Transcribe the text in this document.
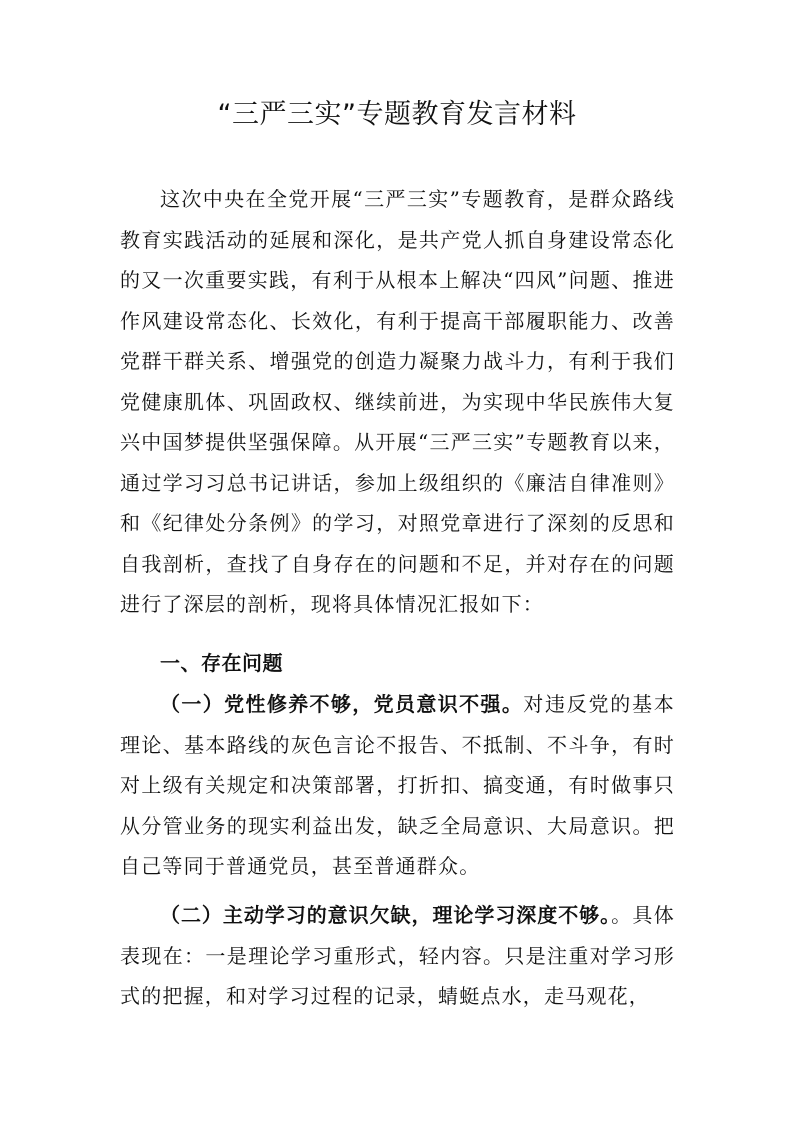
“三严三实”专题教育发言材料

这次中央在全党开展“三严三实”专题教育，是群众路线教育实践活动的延展和深化，是共产党人抓自身建设常态化的又一次重要实践，有利于从根本上解决“四风”问题、推进作风建设常态化、长效化，有利于提高干部履职能力、改善党群干群关系、增强党的创造力凝聚力战斗力，有利于我们党健康肌体、巩固政权、继续前进，为实现中华民族伟大复兴中国梦提供坚强保障。从开展“三严三实”专题教育以来，通过学习习总书记讲话，参加上级组织的《廉洁自律准则》和《纪律处分条例》的学习，对照党章进行了深刻的反思和自我剖析，查找了自身存在的问题和不足，并对存在的问题进行了深层的剖析，现将具体情况汇报如下：

一、存在问题

（一）党性修养不够，党员意识不强。对违反党的基本理论、基本路线的灰色言论不报告、不抵制、不斗争，有时对上级有关规定和决策部署，打折扣、搞变通，有时做事只从分管业务的现实利益出发，缺乏全局意识、大局意识。把自己等同于普通党员，甚至普通群众。

（二）主动学习的意识欠缺，理论学习深度不够。。具体表现在：一是理论学习重形式，轻内容。只是注重对学习形式的把握，和对学习过程的记录，蜻蜓点水，走马观花，
